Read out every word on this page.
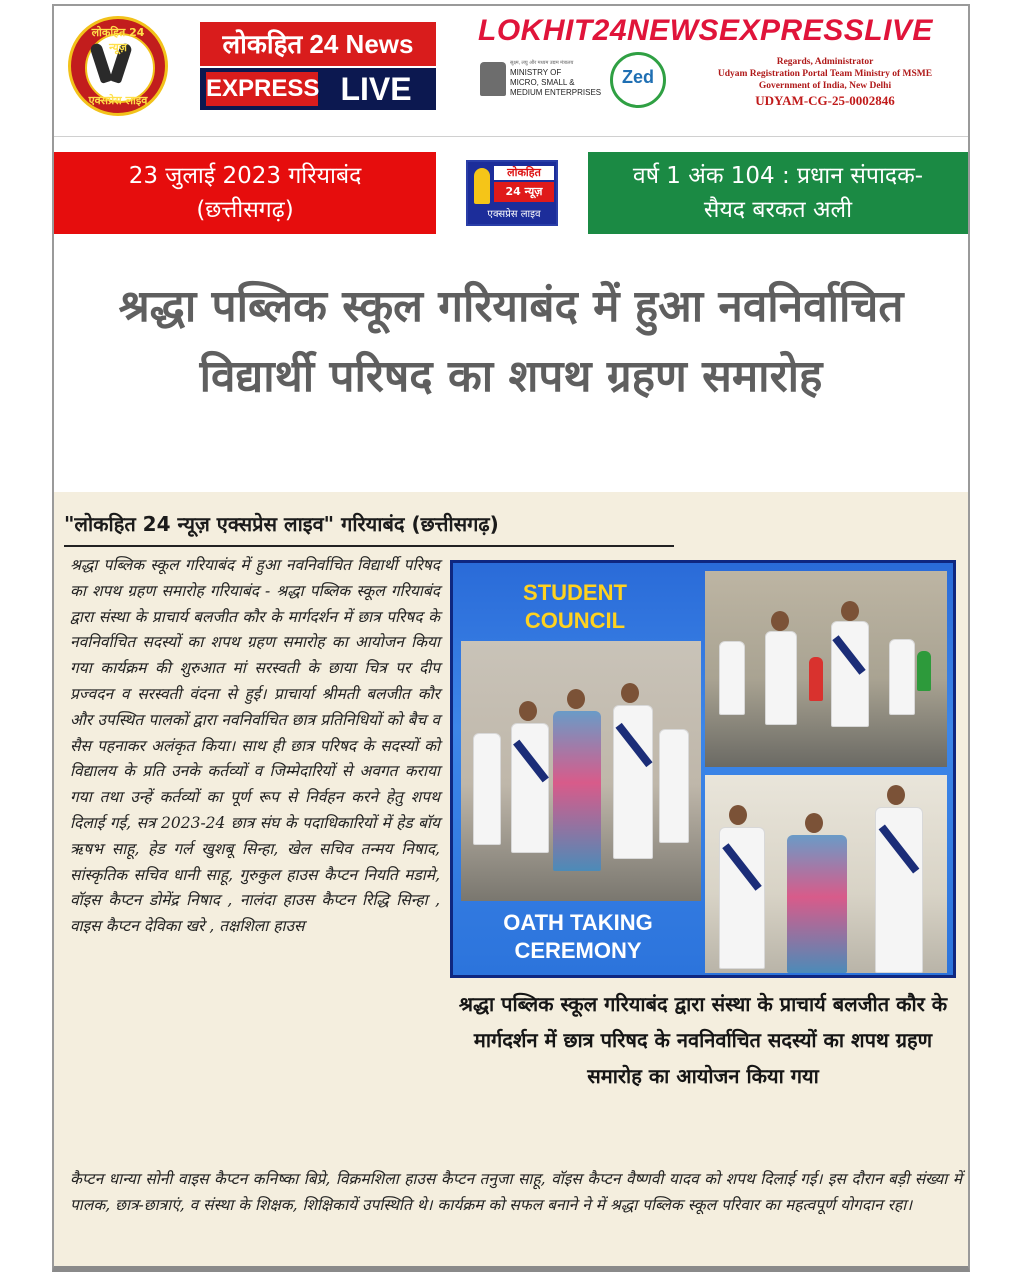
लोकहित 24 न्यूज़
एक्सप्रेस लाइव
लोकहित 24 News
EXPRESS LIVE
LOKHIT24NEWSEXPRESSLIVE
सूक्ष्म, लघु और मध्यम उद्यम मंत्रालय
MINISTRY OF
MICRO, SMALL &
MEDIUM ENTERPRISES
Zed
Regards, Administrator
Udyam Registration Portal Team Ministry of MSME
Government of India, New Delhi
UDYAM-CG-25-0002846
23 जुलाई 2023 गरियाबंद
(छत्तीसगढ़)
लोकहित
24 न्यूज़
एक्सप्रेस लाइव
वर्ष 1 अंक 104 : प्रधान संपादक-
सैयद बरकत अली
श्रद्धा पब्लिक स्कूल गरियाबंद में हुआ नवनिर्वाचित विद्यार्थी परिषद का शपथ ग्रहण समारोह
"लोकहित 24 न्यूज़ एक्सप्रेस लाइव" गरियाबंद (छत्तीसगढ़)
श्रद्धा पब्लिक स्कूल गरियाबंद में हुआ नवनिर्वाचित विद्यार्थी परिषद का शपथ ग्रहण समारोह गरियाबंद - श्रद्धा पब्लिक स्कूल गरियाबंद द्वारा संस्था के प्राचार्य बलजीत कौर के मार्गदर्शन में छात्र परिषद के नवनिर्वाचित सदस्यों का शपथ ग्रहण समारोह का आयोजन किया गया कार्यक्रम की शुरुआत मां सरस्वती के छाया चित्र पर दीप प्रज्वदन व सरस्वती वंदना से हुई। प्राचार्या श्रीमती बलजीत कौर और उपस्थित पालकों द्वारा नवनिर्वाचित छात्र प्रतिनिधियों को बैच व सैस पहनाकर अलंकृत किया। साथ ही छात्र परिषद के सदस्यों को विद्यालय के प्रति उनके कर्तव्यों व जिम्मेदारियों से अवगत कराया गया तथा उन्हें कर्तव्यों का पूर्ण रूप से निर्वहन करने हेतु शपथ दिलाई गई, सत्र 2023-24 छात्र संघ के पदाधिकारियों में हेड बॉय ऋषभ साहू, हेड गर्ल खुशबू सिन्हा, खेल सचिव तन्मय निषाद, सांस्कृतिक सचिव धानी साहू, गुरुकुल हाउस कैप्टन नियति मडामे, वॉइस कैप्टन डोमेंद्र निषाद , नालंदा हाउस कैप्टन रिद्धि सिन्हा , वाइस कैप्टन देविका खरे , तक्षशिला हाउस
STUDENT COUNCIL
OATH TAKING CEREMONY
श्रद्धा पब्लिक स्कूल गरियाबंद द्वारा संस्था के प्राचार्य बलजीत कौर के मार्गदर्शन में छात्र परिषद के नवनिर्वाचित सदस्यों का शपथ ग्रहण समारोह का आयोजन किया गया
कैप्टन धान्या सोनी वाइस कैप्टन कनिष्का बिप्रे, विक्रमशिला हाउस कैप्टन तनुजा साहू, वॉइस कैप्टन वैष्णवी यादव को शपथ दिलाई गई। इस दौरान बड़ी संख्या में पालक, छात्र-छात्राएं, व संस्था के शिक्षक, शिक्षिकायें उपस्थिति थे। कार्यक्रम को सफल बनाने ने में श्रद्धा पब्लिक स्कूल परिवार का महत्वपूर्ण योगदान रहा।
